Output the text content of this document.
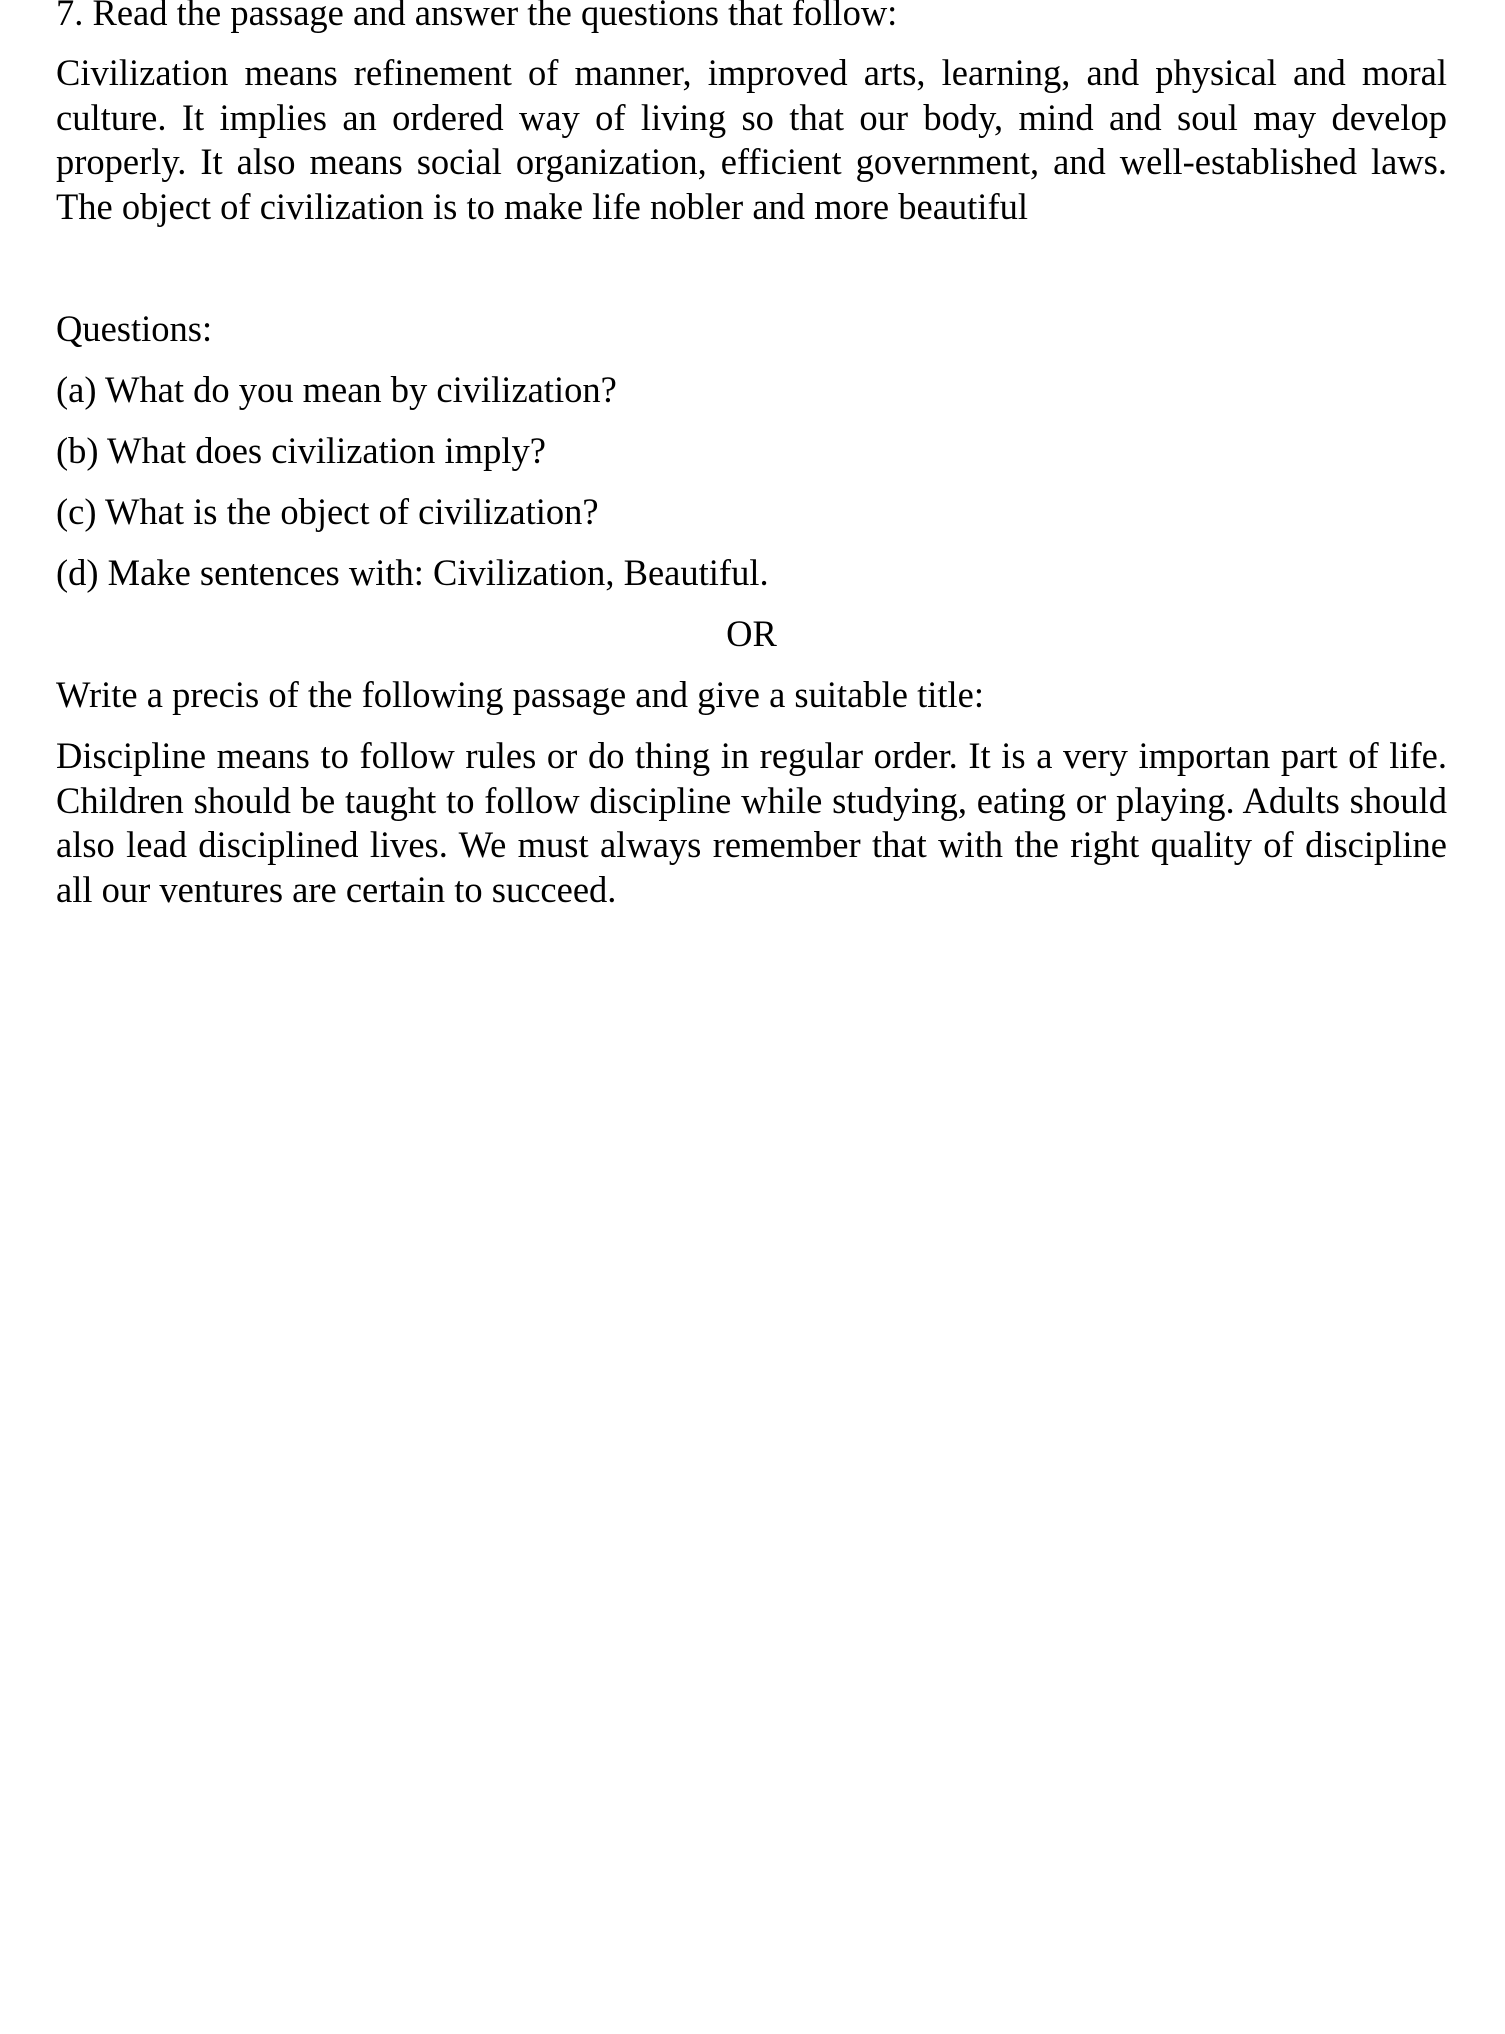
7. Read the passage and answer the questions that follow:

Civilization means refinement of manner, improved arts, learning, and physical and moral culture. It implies an ordered way of living so that our body, mind and soul may develop properly. It also means social organization, efficient government, and well-established laws. The object of civilization is to make life nobler and more beautiful

Questions:

(a) What do you mean by civilization?

(b) What does civilization imply?

(c) What is the object of civilization?

(d) Make sentences with: Civilization, Beautiful.

OR

Write a precis of the following passage and give a suitable title:

Discipline means to follow rules or do thing in regular order. It is a very importan part of life. Children should be taught to follow discipline while studying, eating or playing. Adults should also lead disciplined lives. We must always remember that with the right quality of discipline all our ventures are certain to succeed.
